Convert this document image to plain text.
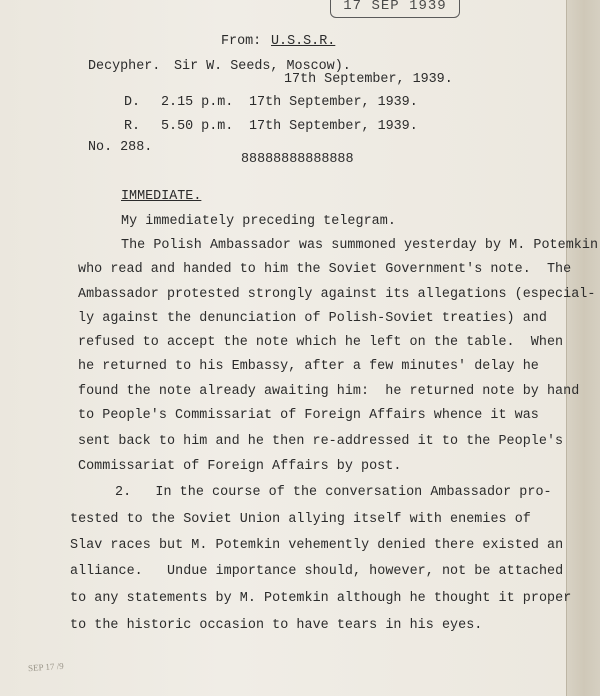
17 SEP 1939
From: U.S.S.R.
Decypher. Sir W. Seeds, Moscow).
17th September, 1939.
D. 2.15 p.m. 17th September, 1939.
R. 5.50 p.m. 17th September, 1939.
No. 288.
88888888888888
IMMEDIATE.
My immediately preceding telegram.
The Polish Ambassador was summoned yesterday by M. Potemkin
who read and handed to him the Soviet Government's note.  The
Ambassador protested strongly against its allegations (especial-
ly against the denunciation of Polish-Soviet treaties) and
refused to accept the note which he left on the table.  When
he returned to his Embassy, after a few minutes' delay he
found the note already awaiting him:  he returned note by hand
to People's Commissariat of Foreign Affairs whence it was
sent back to him and he then re-addressed it to the People's
Commissariat of Foreign Affairs by post.
2.   In the course of the conversation Ambassador pro-
tested to the Soviet Union allying itself with enemies of
Slav races but M. Potemkin vehemently denied there existed an
alliance.   Undue importance should, however, not be attached
to any statements by M. Potemkin although he thought it proper
to the historic occasion to have tears in his eyes.
SEP 17 /9
